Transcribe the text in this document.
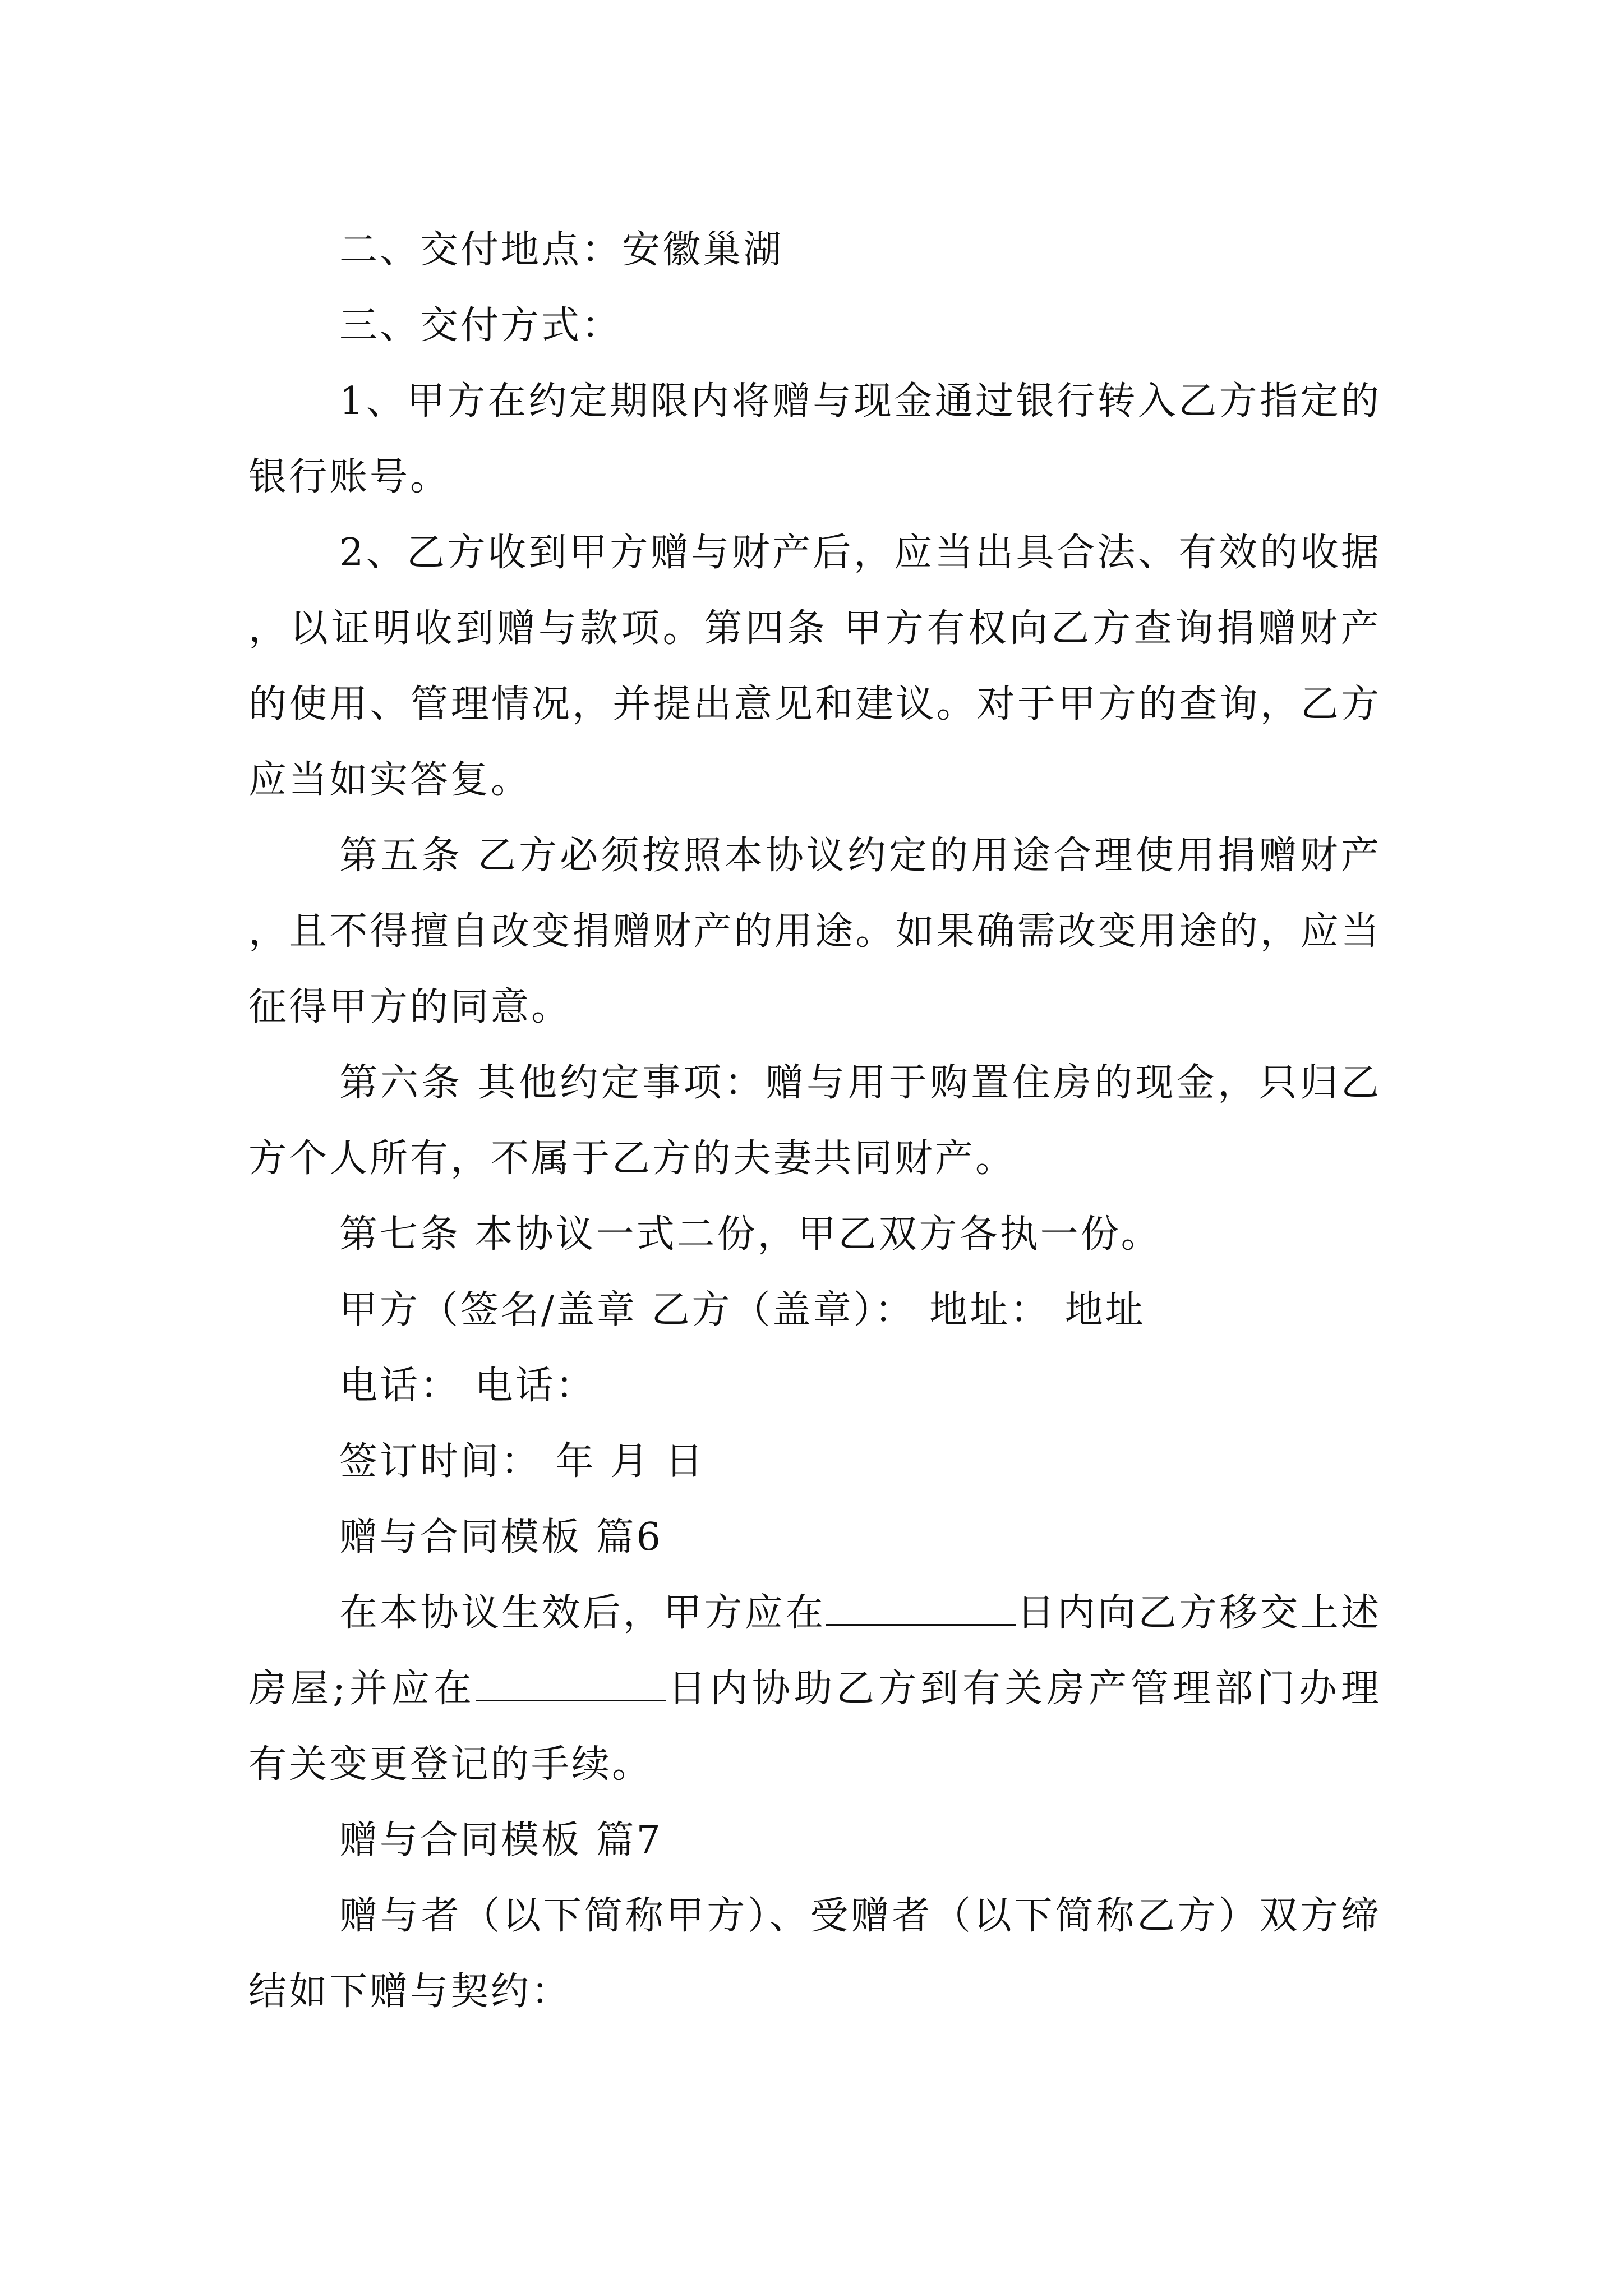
二、交付地点：安徽巢湖

三、交付方式：

1、甲方在约定期限内将赠与现金通过银行转入乙方指定的银行账号。

2、乙方收到甲方赠与财产后，应当出具合法、有效的收据，以证明收到赠与款项。第四条 甲方有权向乙方查询捐赠财产的使用、管理情况，并提出意见和建议。对于甲方的查询，乙方应当如实答复。

第五条 乙方必须按照本协议约定的用途合理使用捐赠财产，且不得擅自改变捐赠财产的用途。如果确需改变用途的，应当征得甲方的同意。

第六条 其他约定事项：赠与用于购置住房的现金，只归乙方个人所有，不属于乙方的夫妻共同财产。

第七条 本协议一式二份，甲乙双方各执一份。

甲方（签名/盖章 乙方（盖章）： 地址： 地址

电话： 电话：

签订时间： 年 月 日

赠与合同模板 篇6

在本协议生效后，甲方应在	日内向乙方移交上述房屋;并应在	日内协助乙方到有关房产管理部门办理有关变更登记的手续。

赠与合同模板 篇7

赠与者（以下简称甲方）、受赠者（以下简称乙方）双方缔结如下赠与契约：
